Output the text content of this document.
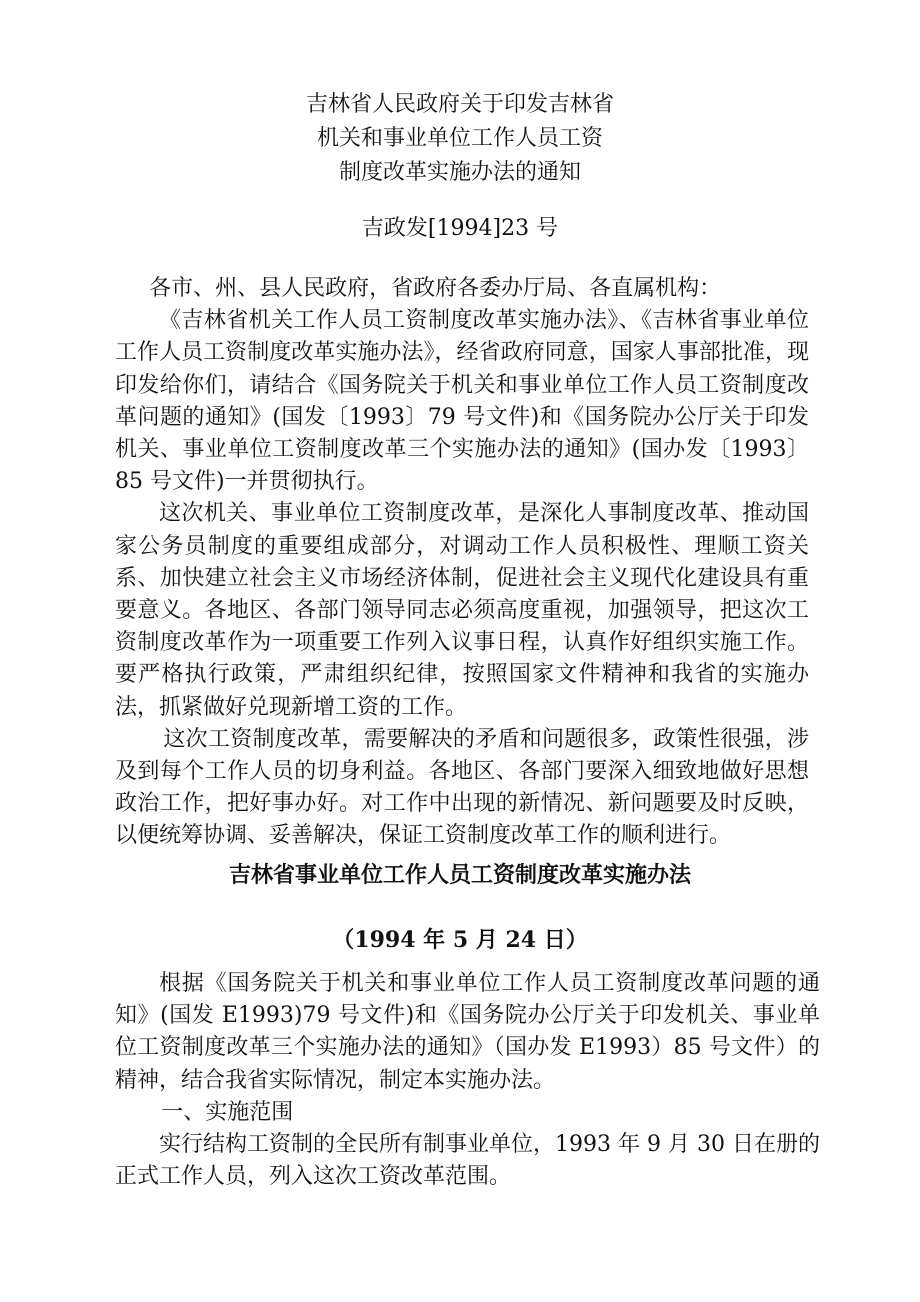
吉林省人民政府关于印发吉林省

机关和事业单位工作人员工资

制度改革实施办法的通知

吉政发[1994]23 号

各市、州、县人民政府，省政府各委办厅局、各直属机构：

《吉林省机关工作人员工资制度改革实施办法》、《吉林省事业单位工作人员工资制度改革实施办法》，经省政府同意，国家人事部批准，现印发给你们，请结合《国务院关于机关和事业单位工作人员工资制度改革问题的通知》(国发〔1993〕79 号文件)和《国务院办公厅关于印发机关、事业单位工资制度改革三个实施办法的通知》(国办发〔1993〕85 号文件)一并贯彻执行。

这次机关、事业单位工资制度改革，是深化人事制度改革、推动国家公务员制度的重要组成部分，对调动工作人员积极性、理顺工资关系、加快建立社会主义市场经济体制，促进社会主义现代化建设具有重要意义。各地区、各部门领导同志必须高度重视，加强领导，把这次工资制度改革作为一项重要工作列入议事日程，认真作好组织实施工作。要严格执行政策，严肃组织纪律，按照国家文件精神和我省的实施办法，抓紧做好兑现新增工资的工作。

这次工资制度改革，需要解决的矛盾和问题很多，政策性很强，涉及到每个工作人员的切身利益。各地区、各部门要深入细致地做好思想政治工作，把好事办好。对工作中出现的新情况、新问题要及时反映，以便统筹协调、妥善解决，保证工资制度改革工作的顺利进行。

吉林省事业单位工作人员工资制度改革实施办法
（1994 年 5 月 24 日）

根据《国务院关于机关和事业单位工作人员工资制度改革问题的通知》(国发 E1993)79 号文件)和《国务院办公厅关于印发机关、事业单位工资制度改革三个实施办法的通知》（国办发 E1993）85 号文件）的精神，结合我省实际情况，制定本实施办法。

一、实施范围

实行结构工资制的全民所有制事业单位，1993 年 9 月 30 日在册的正式工作人员，列入这次工资改革范围。
